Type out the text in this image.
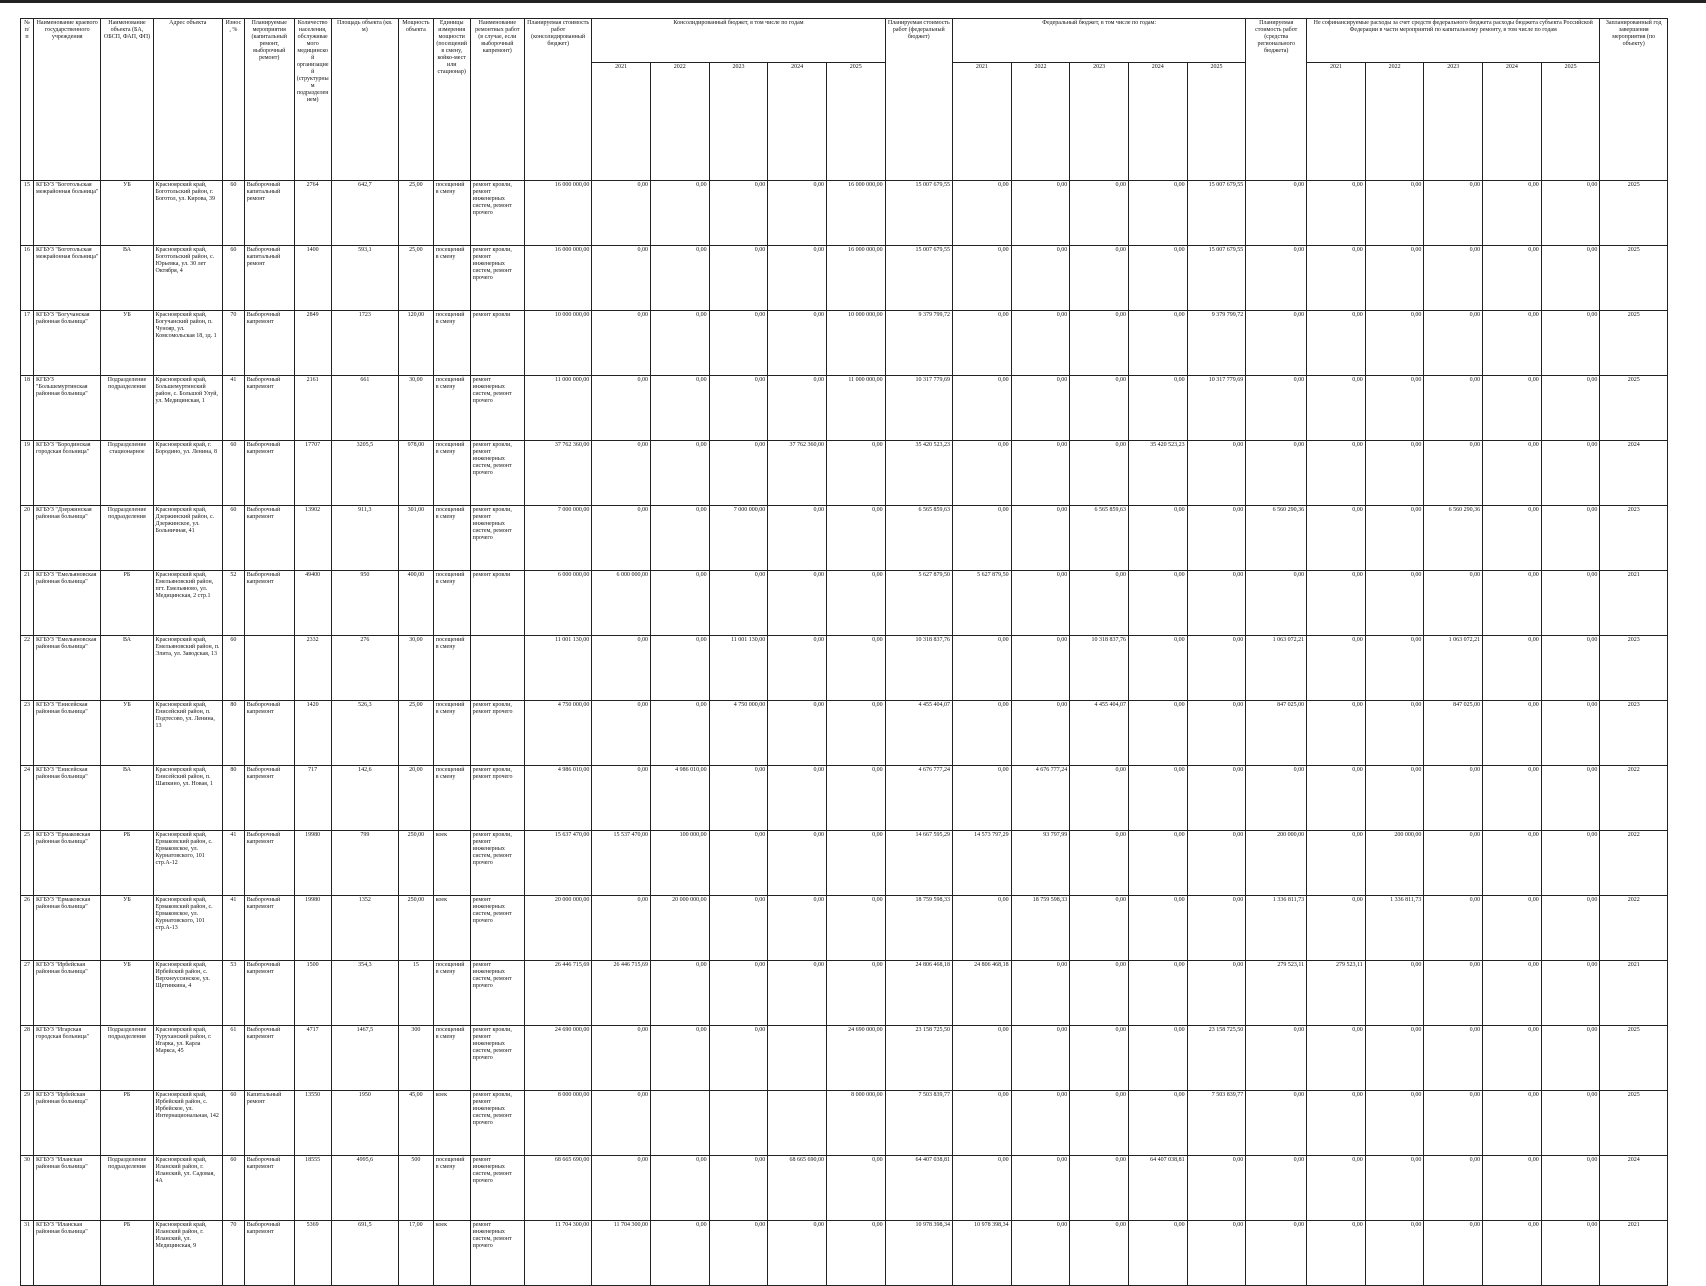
№ п/п	Наименование краевого государственного учреждения	Наименование объекта (БА, ОБСП, ФАП, ФП)	Адрес объекта	Износ, %	Планируемые мероприятия (капитальный ремонт, выборочный ремонт)	Количество населения, обслуживаемого медицинской организацией (структурным подразделением)	Площадь объекта (кв. м)	Мощность объекта	Единицы измерения мощности (посещений в смену, койко-мест или стационар)	Наименование ремонтных работ (в случае, если выборочный капремонт)	Планируемая стоимость работ (консолидированный бюджет)	Консолидированный бюджет, в том числе по годам					Планируемая стоимость работ (федеральный бюджет)	Федеральный бюджет, в том числе по годам:					Планируемая стоимость работ (средства регионального бюджета)	Не софинансируемые расходы за счет средств федерального бюджета расходы бюджета субъекта Российской Федерации в части мероприятий по капитальному ремонту, в том числе по годам					Запланированный год завершения мероприятия (по объекту)
												2021	2022	2023	2024	2025		2021	2022	2023	2024	2025		2021	2022	2023	2024	2025	
15	КГБУЗ "Боготольская межрайонная больница"	УБ	Красноярский край, Боготольский район, г. Боготол, ул. Кирова, 39	60	Выборочный капитальный ремонт	2764	642,7	25,00	посещений в смену	ремонт кровли, ремонт инженерных систем, ремонт прочего	16 000 000,00	0,00	0,00	0,00	0,00	16 000 000,00	15 007 679,55	0,00	0,00	0,00	0,00	15 007 679,55	0,00	0,00	0,00	0,00	0,00	0,00	2025
16	КГБУЗ "Боготольская межрайонная больница"	ВА	Красноярский край, Боготольский район, с. Юрьевка, ул. 30 лет Октября, 4	60	Выборочный капитальный ремонт	1400	593,1	25,00	посещений в смену	ремонт кровли, ремонт инженерных систем, ремонт прочего	16 000 000,00	0,00	0,00	0,00	0,00	16 000 000,00	15 007 679,55	0,00	0,00	0,00	0,00	15 007 679,55	0,00	0,00	0,00	0,00	0,00	0,00	2025
17	КГБУЗ "Богучанская районная больница"	УБ	Красноярский край, Богучанский район, п. Чунояр, ул. Комсомольская 18, зд. 1	70	Выборочный капремонт	2849	1723	120,00	посещений в смену	ремонт кровли	10 000 000,00	0,00	0,00	0,00	0,00	10 000 000,00	9 379 799,72	0,00	0,00	0,00	0,00	9 379 799,72	0,00	0,00	0,00	0,00	0,00	0,00	2025
18	КГБУЗ "Большемуртинская районная больница"	Подразделение подразделения	Красноярский край, Большемуртинский район, с. Большой Улуй, ул. Медицинская, 1	41	Выборочный капремонт	2161	661	30,00	посещений в смену	ремонт инженерных систем, ремонт прочего	11 000 000,00	0,00	0,00	0,00	0,00	11 000 000,00	10 317 779,69	0,00	0,00	0,00	0,00	10 317 779,69	0,00	0,00	0,00	0,00	0,00	0,00	2025
19	КГБУЗ "Бородинская городская больница"	Подразделение стационарное	Красноярский край, г. Бородино, ул. Ленина, 8	60	Выборочный капремонт	17707	3205,5	978,00	посещений в смену	ремонт кровли, ремонт инженерных систем, ремонт прочего	37 762 360,00	0,00	0,00	0,00	37 762 360,00	0,00	35 420 523,23	0,00	0,00	0,00	35 420 523,23	0,00	0,00	0,00	0,00	0,00	0,00	0,00	2024
20	КГБУЗ "Дзержинская районная больница"	Подразделение подразделения	Красноярский край, Дзержинский район, с. Дзержинское, ул. Больничная, 41	60	Выборочный капремонт	13902	911,3	301,00	посещений в смену	ремонт кровли, ремонт инженерных систем, ремонт прочего	7 000 000,00	0,00	0,00	7 000 000,00	0,00	0,00	6 565 859,63	0,00	0,00	6 565 859,63	0,00	0,00	6 560 290,36	0,00	0,00	6 560 290,36	0,00	0,00	2023
21	КГБУЗ "Емельяновская районная больница"	РБ	Красноярский край, Емельяновский район, пгт. Емельяново, ул. Медицинская, 2 стр.1	52	Выборочный капремонт	49400	950	400,00	посещений в смену	ремонт кровли	6 000 000,00	6 000 000,00	0,00	0,00	0,00	0,00	5 627 879,50	5 627 879,50	0,00	0,00	0,00	0,00	0,00	0,00	0,00	0,00	0,00	0,00	2021
22	КГБУЗ "Емельяновская районная больница"	ВА	Красноярский край, Емельяновский район, п. Элита, ул. Заводская, 13	60		2332	276	30,00	посещений в смену		11 001 130,00	0,00	0,00	11 001 130,00	0,00	0,00	10 318 837,76	0,00	0,00	10 318 837,76	0,00	0,00	1 063 072,21	0,00	0,00	1 063 072,21	0,00	0,00	2023
23	КГБУЗ "Енисейская районная больница"	УБ	Красноярский край, Енисейский район, п. Подтесово, ул. Ленина, 13	80	Выборочный капремонт	1420	526,3	25,00	посещений в смену	ремонт кровли, ремонт прочего	4 750 000,00	0,00	0,00	4 750 000,00	0,00	0,00	4 455 404,07	0,00	0,00	4 455 404,07	0,00	0,00	847 025,00	0,00	0,00	847 025,00	0,00	0,00	2023
24	КГБУЗ "Енисейская районная больница"	ВА	Красноярский край, Енисейский район, п. Шапкино, ул. Новая, 1	80	Выборочный капремонт	717	142,6	20,00	посещений в смену	ремонт кровли, ремонт прочего	4 986 010,00	0,00	4 986 010,00	0,00	0,00	0,00	4 676 777,24	0,00	4 676 777,24	0,00	0,00	0,00	0,00	0,00	0,00	0,00	0,00	0,00	2022
25	КГБУЗ "Ермаковская районная больница"	РБ	Красноярский край, Ермаковский район, с. Ермаковское, ул. Курнатовского, 101 стр.А-12	41	Выборочный капремонт	19980	799	250,00	коек	ремонт кровли, ремонт инженерных систем, ремонт прочего	15 637 470,00	15 537 470,00	100 000,00	0,00	0,00	0,00	14 667 595,29	14 573 797,29	93 797,99	0,00	0,00	0,00	200 000,00	0,00	200 000,00	0,00	0,00	0,00	2022
26	КГБУЗ "Ермаковская районная больница"	УБ	Красноярский край, Ермаковский район, с. Ермаковское, ул. Курнатовского, 101 стр.А-13	41	Выборочный капремонт	19980	1352	250,00	коек	ремонт инженерных систем, ремонт прочего	20 000 000,00	0,00	20 000 000,00	0,00	0,00	0,00	18 759 598,33	0,00	18 759 598,33	0,00	0,00	0,00	1 336 811,73	0,00	1 336 811,73	0,00	0,00	0,00	2022
27	КГБУЗ "Ирбейская районная больница"	УБ	Красноярский край, Ирбейский район, с. Верхнеуссинское, ул. Щетинкина, 4	53	Выборочный капремонт	1500	354,3	15	посещений в смену	ремонт инженерных систем, ремонт прочего	26 446 715,69	26 446 715,69	0,00	0,00	0,00	0,00	24 806 468,18	24 806 468,18	0,00	0,00	0,00	0,00	279 523,11	279 523,11	0,00	0,00	0,00	0,00	2021
28	КГБУЗ "Игарская городская больница"	Подразделение подразделения	Красноярский край, Туруханский район, г. Игарка, ул. Карла Маркса, 45	61	Выборочный капремонт	4717	1467,5	300	посещений в смену	ремонт кровли, ремонт инженерных систем, ремонт прочего	24 690 000,00	0,00	0,00	0,00		24 690 000,00	23 158 725,50	0,00	0,00	0,00	0,00	23 158 725,50	0,00	0,00	0,00	0,00	0,00	0,00	2025
29	КГБУЗ "Ирбейская районная больница"	РБ	Красноярский край, Ирбейский район, с. Ирбейское, ул. Интернациональная, 142	60	Капитальный ремонт	13550	1950	45,00	коек	ремонт кровли, ремонт инженерных систем, ремонт прочего	8 000 000,00	0,00				8 000 000,00	7 503 839,77	0,00	0,00	0,00	0,00	7 503 839,77	0,00	0,00	0,00	0,00	0,00	0,00	2025
30	КГБУЗ "Иланская районная больница"	Подразделение подразделения	Красноярский край, Иланский район, г. Иланский, ул. Садовая, 4А	60	Выборочный капремонт	18555	4995,6	500	посещений в смену	ремонт инженерных систем, ремонт прочего	68 665 690,00	0,00	0,00	0,00	68 665 690,00	0,00	64 407 038,81	0,00	0,00	0,00	64 407 038,81	0,00	0,00	0,00	0,00	0,00	0,00	0,00	2024
31	КГБУЗ "Иланская районная больница"	РБ	Красноярский край, Иланский район, г. Иланский, ул. Медицинская, 9	70	Выборочный капремонт	5369	691,5	17,00	коек	ремонт инженерных систем, ремонт прочего	11 704 300,00	11 704 300,00	0,00	0,00	0,00	0,00	10 978 398,34	10 978 398,34	0,00	0,00	0,00	0,00	0,00	0,00	0,00	0,00	0,00	0,00	2021
